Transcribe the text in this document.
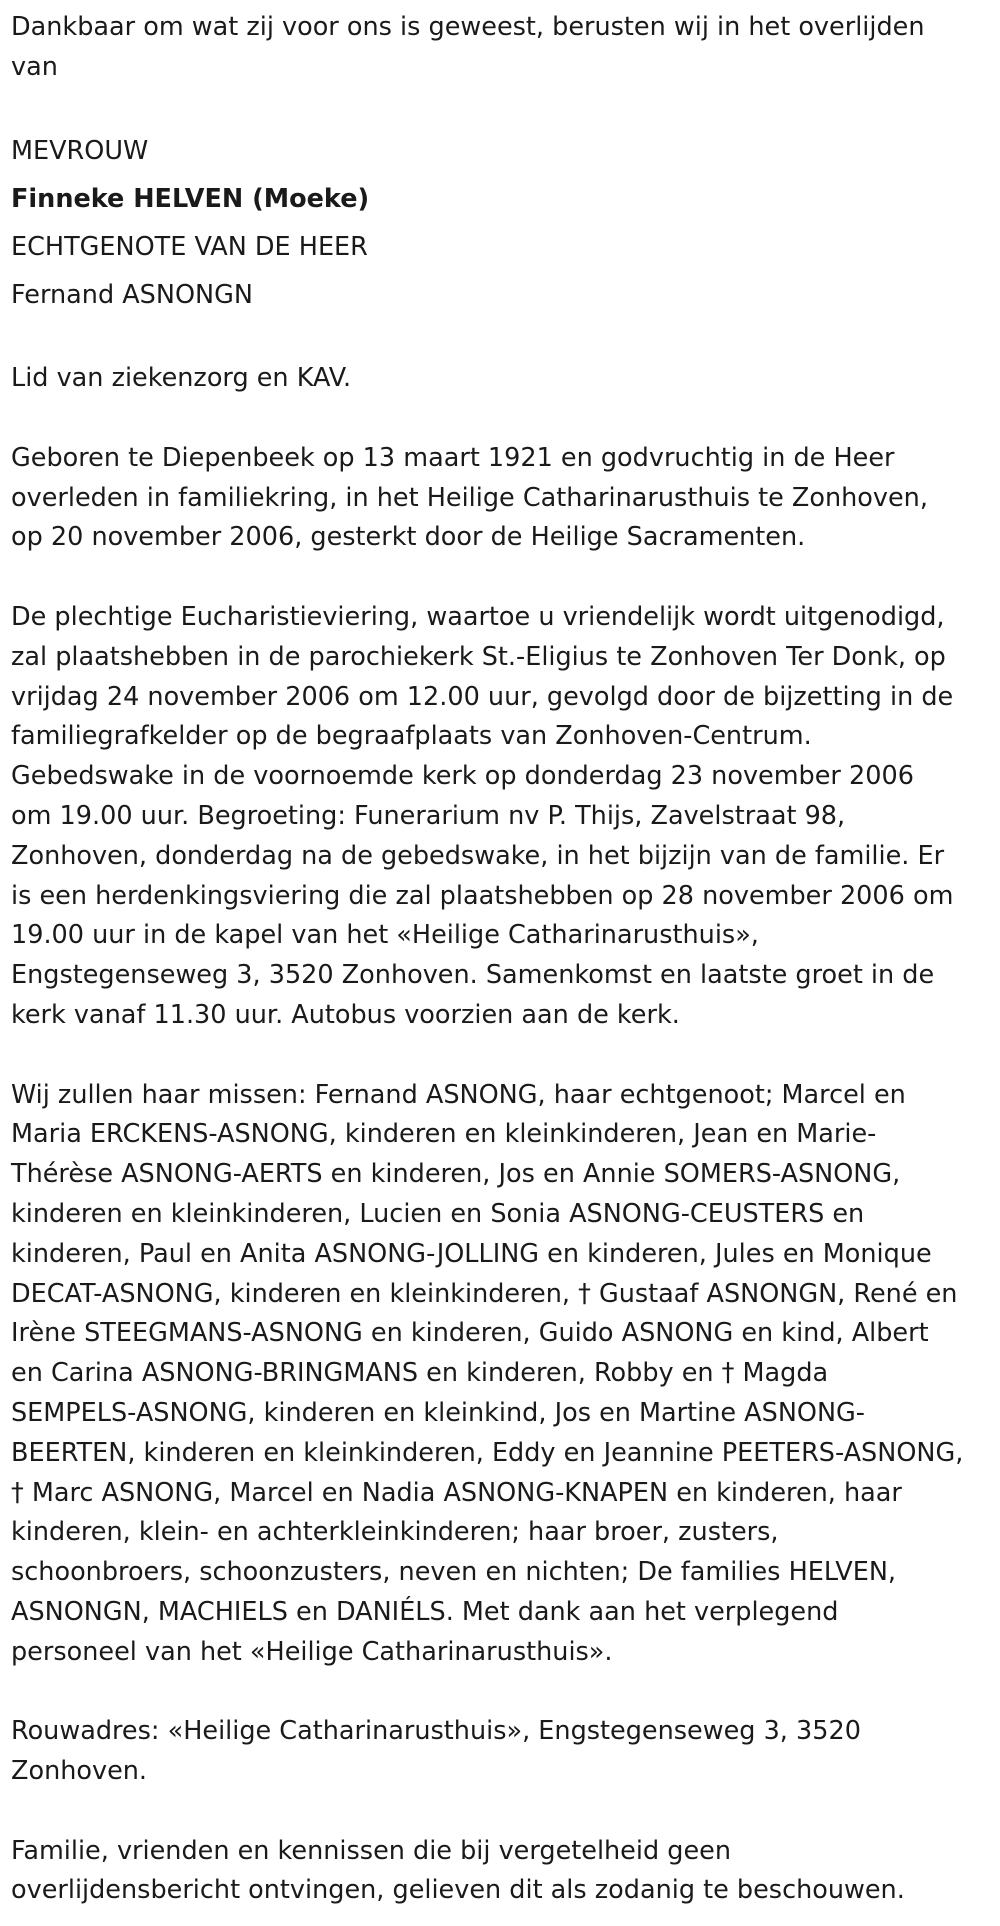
Dankbaar om wat zij voor ons is geweest, berusten wij in het overlijden
van
MEVROUW
Finneke HELVEN (Moeke)
ECHTGENOTE VAN DE HEER
Fernand ASNONGN
Lid van ziekenzorg en KAV.
Geboren te Diepenbeek op 13 maart 1921 en godvruchtig in de Heer
overleden in familiekring, in het Heilige Catharinarusthuis te Zonhoven,
op 20 november 2006, gesterkt door de Heilige Sacramenten.
De plechtige Eucharistieviering, waartoe u vriendelijk wordt uitgenodigd,
zal plaatshebben in de parochiekerk St.-Eligius te Zonhoven Ter Donk, op
vrijdag 24 november 2006 om 12.00 uur, gevolgd door de bijzetting in de
familiegrafkelder op de begraafplaats van Zonhoven-Centrum.
Gebedswake in de voornoemde kerk op donderdag 23 november 2006
om 19.00 uur. Begroeting: Funerarium nv P. Thijs, Zavelstraat 98,
Zonhoven, donderdag na de gebedswake, in het bijzijn van de familie. Er
is een herdenkingsviering die zal plaatshebben op 28 november 2006 om
19.00 uur in de kapel van het «Heilige Catharinarusthuis»,
Engstegenseweg 3, 3520 Zonhoven. Samenkomst en laatste groet in de
kerk vanaf 11.30 uur. Autobus voorzien aan de kerk.
Wij zullen haar missen: Fernand ASNONG, haar echtgenoot; Marcel en
Maria ERCKENS-ASNONG, kinderen en kleinkinderen, Jean en Marie-
Thérèse ASNONG-AERTS en kinderen, Jos en Annie SOMERS-ASNONG,
kinderen en kleinkinderen, Lucien en Sonia ASNONG-CEUSTERS en
kinderen, Paul en Anita ASNONG-JOLLING en kinderen, Jules en Monique
DECAT-ASNONG, kinderen en kleinkinderen, † Gustaaf ASNONGN, René en
Irène STEEGMANS-ASNONG en kinderen, Guido ASNONG en kind, Albert
en Carina ASNONG-BRINGMANS en kinderen, Robby en † Magda
SEMPELS-ASNONG, kinderen en kleinkind, Jos en Martine ASNONG-
BEERTEN, kinderen en kleinkinderen, Eddy en Jeannine PEETERS-ASNONG,
† Marc ASNONG, Marcel en Nadia ASNONG-KNAPEN en kinderen, haar
kinderen, klein- en achterkleinkinderen; haar broer, zusters,
schoonbroers, schoonzusters, neven en nichten; De families HELVEN,
ASNONGN, MACHIELS en DANIÉLS. Met dank aan het verplegend
personeel van het «Heilige Catharinarusthuis».
Rouwadres: «Heilige Catharinarusthuis», Engstegenseweg 3, 3520
Zonhoven.
Familie, vrienden en kennissen die bij vergetelheid geen
overlijdensbericht ontvingen, gelieven dit als zodanig te beschouwen.
